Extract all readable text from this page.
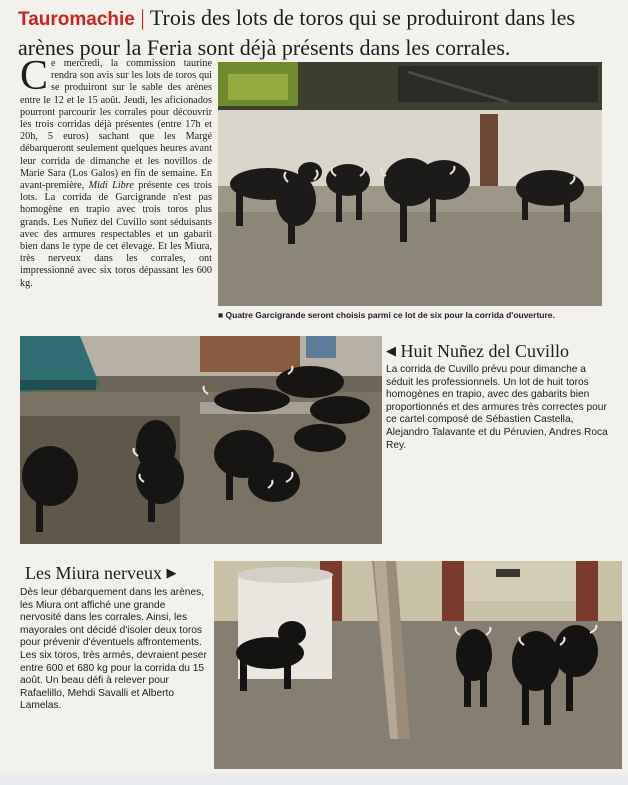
Tauromachie | Trois des lots de toros qui se produiront dans les arènes pour la Feria sont déjà présents dans les corrales.
C e mercredi, la commission taurine rendra son avis sur les lots de toros qui se produiront sur le sable des arènes entre le 12 et le 15 août. Jeudi, les aficionados pourront parcourir les corrales pour découvrir les trois corridas déjà présentes (entre 17h et 20h, 5 euros) sachant que les Margé débarqueront seulement quelques heures avant leur corrida de dimanche et les novillos de Marie Sara (Los Galos) en fin de semaine. En avant-première, Midi Libre présente ces trois lots. La corrida de Garcigrande n'est pas homogène en trapio avec trois toros plus grands. Les Nuñez del Cuvillo sont séduisants avec des armures respectables et un gabarit bien dans le type de cet élevage. Et les Miura, très nerveux dans les corrales, ont impressionné avec six toros dépassant les 600 kg.
■ Quatre Garcigrande seront choisis parmi ce lot de six pour la corrida d'ouverture.
◀ Huit Nuñez del Cuvillo
La corrida de Cuvillo prévu pour dimanche a séduit les professionnels. Un lot de huit toros homogènes en trapio, avec des gabarits bien proportionnés et des armures très correctes pour ce cartel composé de Sébastien Castella, Alejandro Talavante et du Péruvien, Andres Roca Rey.
Les Miura nerveux ▶
Dès leur débarquement dans les arènes, les Miura ont affiché une grande nervosité dans les corrales. Ainsi, les mayorales ont décidé d'isoler deux toros pour prévenir d'éventuels affrontements. Les six toros, très armés, devraient peser entre 600 et 680 kg pour la corrida du 15 août. Un beau défi à relever pour Rafaelillo, Mehdi Savalli et Alberto Lamelas.
